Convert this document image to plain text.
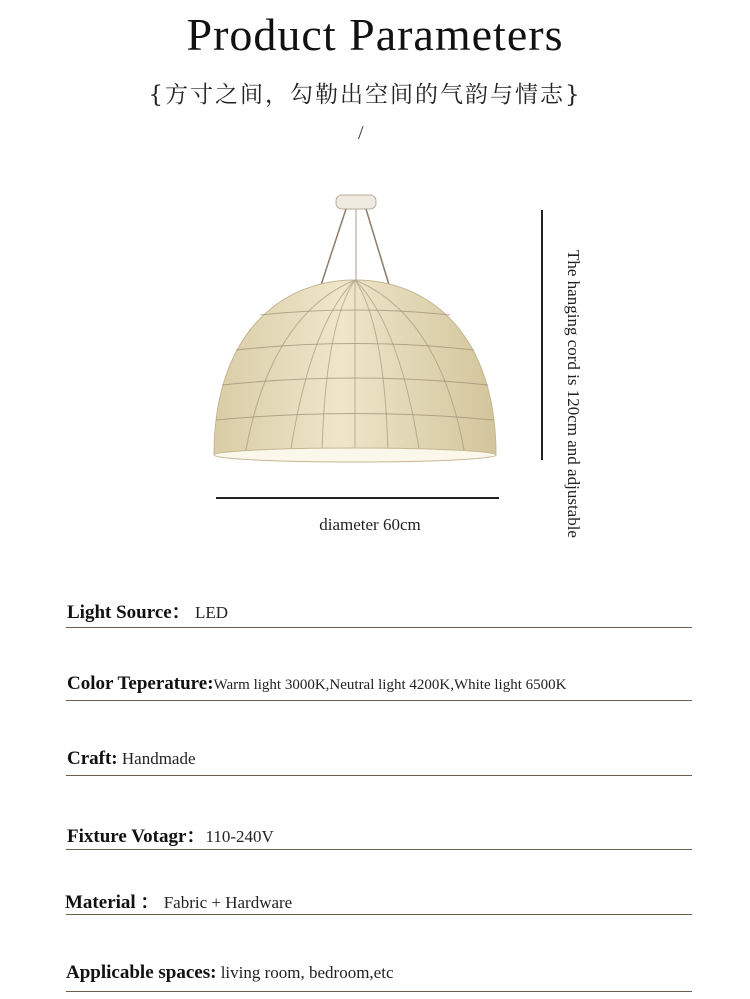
Product Parameters
{方寸之间，勾勒出空间的气韵与情志}
/
The hanging cord is 120cm and adjustable
diameter 60cm
Light Source： LED
Color Teperature:Warm light 3000K,Neutral light 4200K,White light 6500K
Craft: Handmade
Fixture Votagr：110-240V
Material ： Fabric + Hardware
Applicable spaces: living room, bedroom,etc
